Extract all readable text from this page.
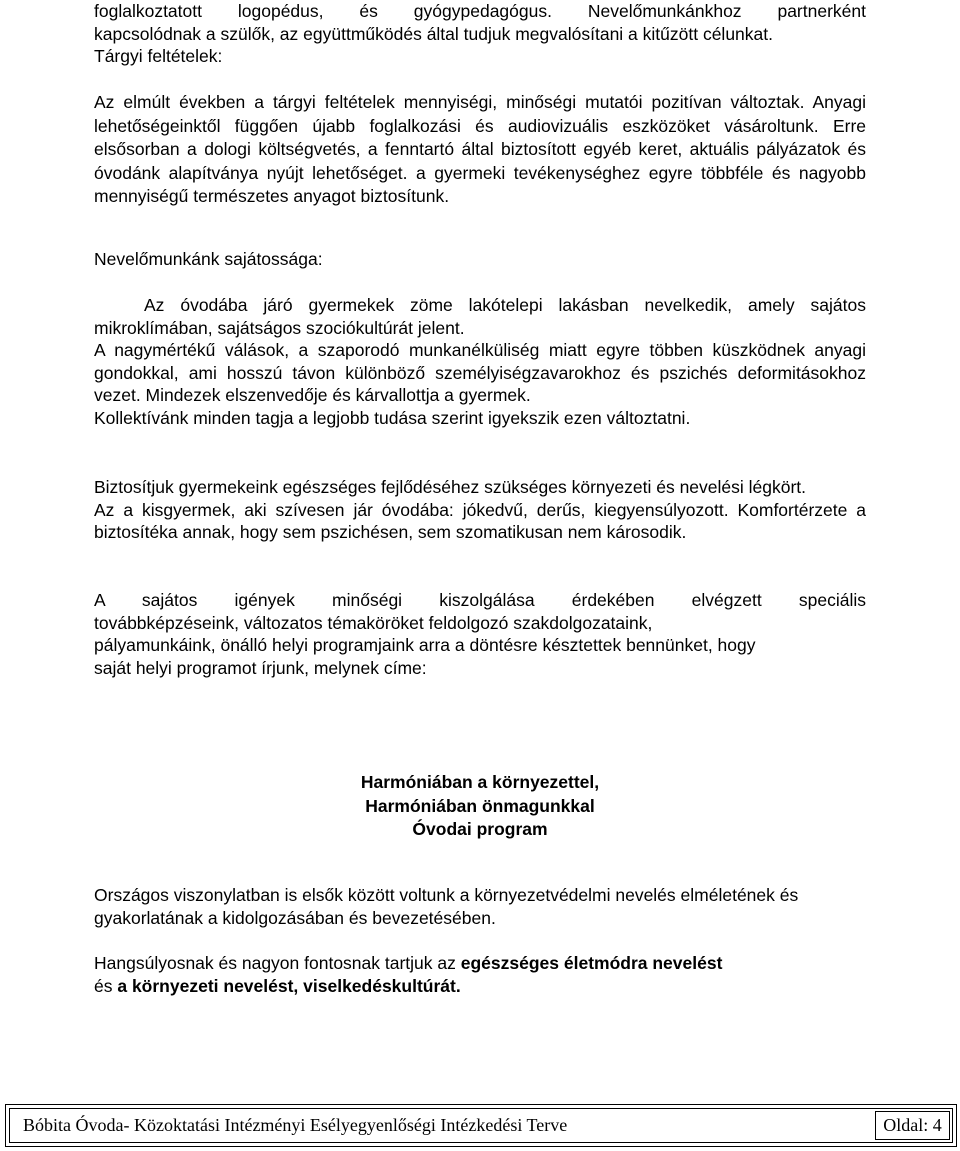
foglalkoztatott logopédus, és gyógypedagógus. Nevelőmunkánkhoz partnerként

kapcsolódnak a szülők, az együttműködés által tudjuk megvalósítani a kitűzött célunkat.

Tárgyi feltételek:

Az elmúlt években a tárgyi feltételek mennyiségi, minőségi mutatói pozitívan változtak. Anyagi lehetőségeinktől függően újabb foglalkozási és audiovizuális eszközöket vásároltunk. Erre elsősorban a dologi költségvetés, a fenntartó által biztosított egyéb keret, aktuális pályázatok és óvodánk alapítványa nyújt lehetőséget. a gyermeki tevékenységhez egyre többféle és nagyobb mennyiségű természetes anyagot biztosítunk.

Nevelőmunkánk sajátossága:

Az óvodába járó gyermekek zöme lakótelepi lakásban nevelkedik, amely sajátos mikroklímában, sajátságos szociókultúrát jelent.

A nagymértékű válások, a szaporodó munkanélküliség miatt egyre többen küszködnek anyagi gondokkal, ami hosszú távon különböző személyiségzavarokhoz és pszichés deformitásokhoz vezet. Mindezek elszenvedője és kárvallottja a gyermek.

Kollektívánk minden tagja a legjobb tudása szerint igyekszik ezen változtatni.

Biztosítjuk gyermekeink egészséges fejlődéséhez szükséges környezeti és nevelési légkört.

Az a kisgyermek, aki szívesen jár óvodába: jókedvű, derűs, kiegyensúlyozott. Komfortérzete a biztosítéka annak, hogy sem pszichésen, sem szomatikusan nem károsodik.

A sajátos igények minőségi kiszolgálása érdekében elvégzett speciális

továbbképzéseink, változatos témaköröket feldolgozó szakdolgozataink,

pályamunkáink, önálló helyi programjaink arra a döntésre késztettek bennünket, hogy

saját helyi programot írjunk, melynek címe:

Harmóniában a környezettel,

Harmóniában önmagunkkal

Óvodai program

Országos viszonylatban is elsők között voltunk a környezetvédelmi nevelés elméletének és gyakorlatának a kidolgozásában és bevezetésében.

Hangsúlyosnak és nagyon fontosnak tartjuk az egészséges életmódra nevelést

és a környezeti nevelést, viselkedéskultúrát.

Bóbita Óvoda- Közoktatási Intézményi Esélyegyenlőségi Intézkedési Terve	Oldal: 4
